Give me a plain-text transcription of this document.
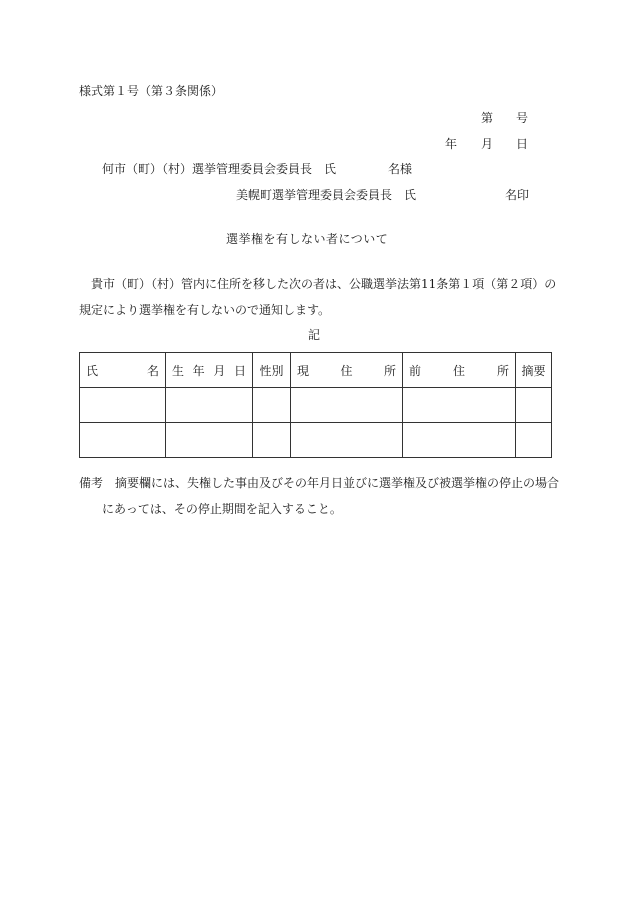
様式第１号（第３条関係）
第 号
年 月 日
何市（町）（村）選挙管理委員会委員長　氏	名様
美幌町選挙管理委員会委員長　氏	名印
選挙権を有しない者について

貴市（町）（村）管内に住所を移した次の者は、公職選挙法第11条第１項（第２項）の

規定により選挙権を有しないので通知します。

記
氏 名	生 年 月 日	性別	現 住 所	前 住 所	摘要

備考 摘要欄には、失権した事由及びその年月日並びに選挙権及び被選挙権の停止の場合
にあっては、その停止期間を記入すること。
